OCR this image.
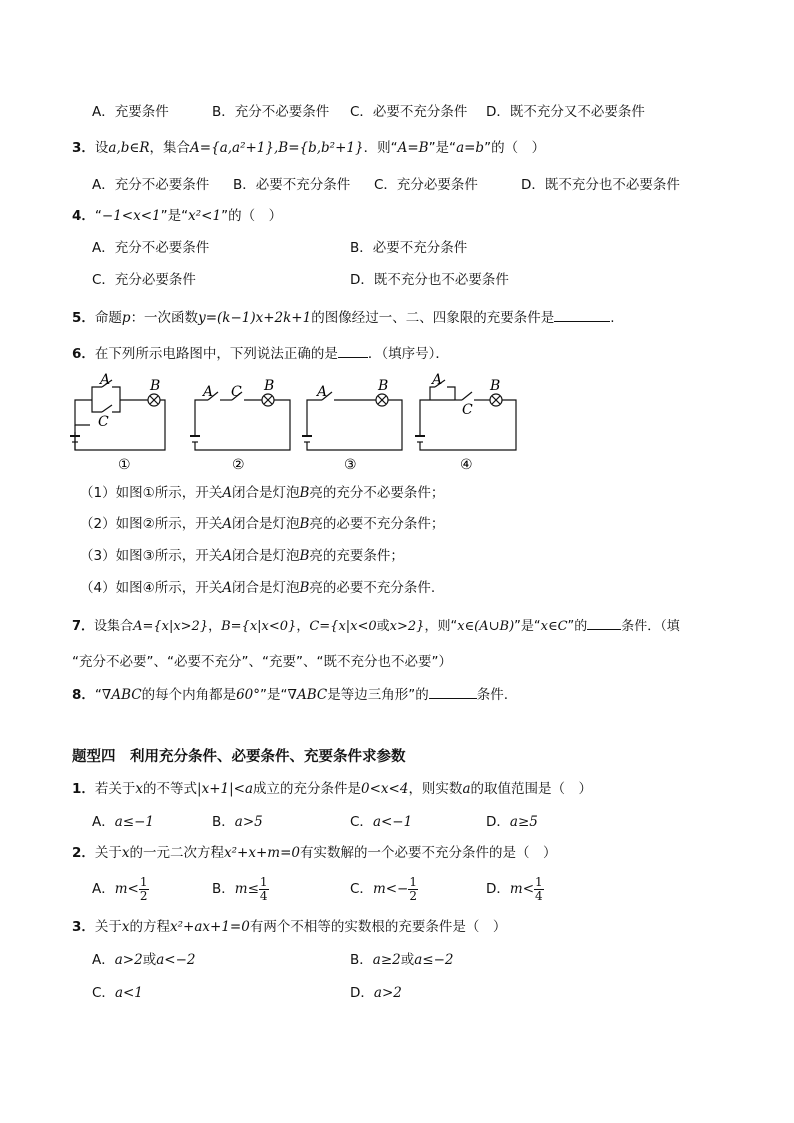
A．充要条件	B．充分不必要条件 C．必要不充分条件 D．既不充分又不必要条件
3．设a,b∈R，集合A={a,a²+1},B={b,b²+1}．则“A=B”是“a=b”的（　）
A．充分不必要条件 B．必要不充分条件 C．充分必要条件	D．既不充分也不必要条件
4．“−1<x<1”是“x²<1”的（　）
A．充分不必要条件	B．必要不充分条件
C．充分必要条件	D．既不充分也不必要条件
5．命题p：一次函数y=(k−1)x+2k+1的图像经过一、二、四象限的充要条件是	.
6．在下列所示电路图中，下列说法正确的是 ．（填序号）．
A	B
C
A C B	A	B	A	B
C
①	②	③	④
（1）如图①所示，开关A闭合是灯泡B亮的充分不必要条件；
（2）如图②所示，开关A闭合是灯泡B亮的必要不充分条件；
（3）如图③所示，开关A闭合是灯泡B亮的充要条件；
（4）如图④所示，开关A闭合是灯泡B亮的必要不充分条件.
7．设集合A={x|x>2}，B={x|x<0}，C={x|x<0或x>2}，则“x∈(A∪B)”是“x∈C”的	条件．（填
“充分不必要”、“必要不充分”、“充要”、“既不充分也不必要”）
8．“∇ABC的每个内角都是60°”是“∇ABC是等边三角形”的	条件.
题型四　利用充分条件、必要条件、充要条件求参数
1．若关于x的不等式|x+1|<a成立的充分条件是0<x<4，则实数a的取值范围是（　）
A．a≤−1	B．a>5	C．a<−1	D．a≥5
2．关于x的一元二次方程x²+x+m=0有实数解的一个必要不充分条件的是（　）
A．$m< \frac{1}{2}$	B．$m\le \frac{1}{4}$	C．$m<- \frac{1}{2}$	D．$m< \frac{1}{4}$
3．关于x的方程x²+ax+1=0有两个不相等的实数根的充要条件是（　）
A．a>2或a<−2	B．a≥2或a≤−2
C．a<1	D．a>2
